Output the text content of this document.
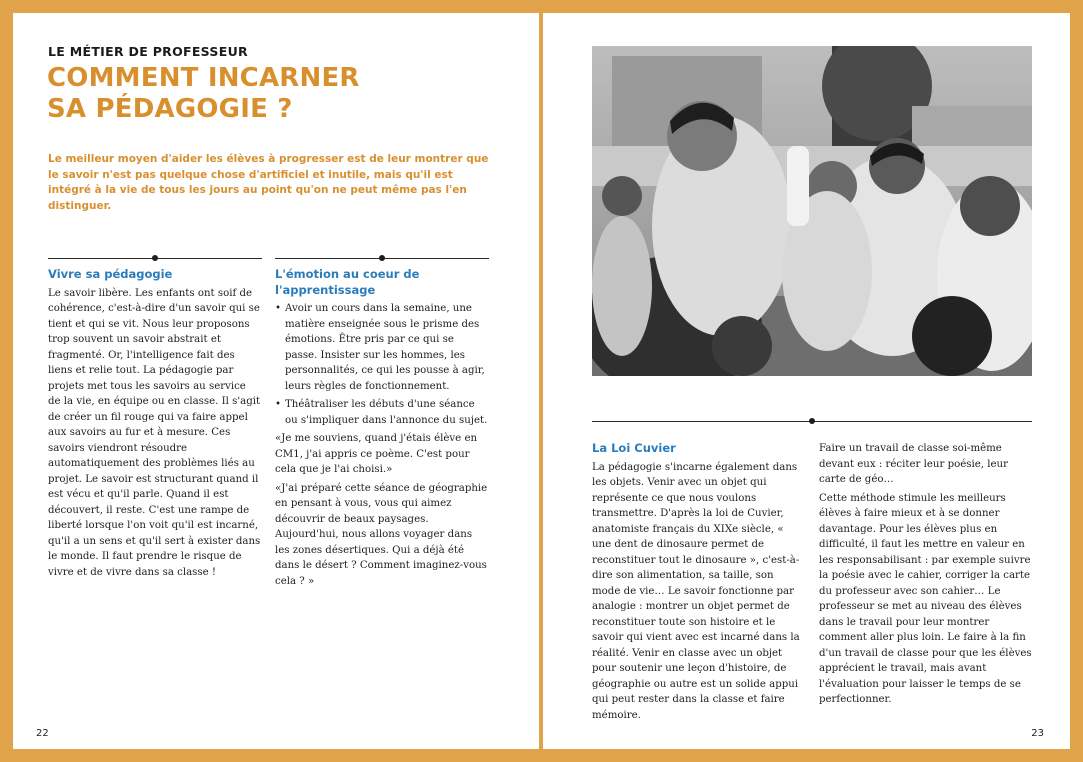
LE MÉTIER DE PROFESSEUR
COMMENT INCARNER
SA PÉDAGOGIE ?
Le meilleur moyen d'aider les élèves à progresser est de leur montrer que le savoir n'est pas quelque chose d'artificiel et inutile, mais qu'il est intégré à la vie de tous les jours au point qu'on ne peut même pas l'en distinguer.
Vivre sa pédagogie

Le savoir libère. Les enfants ont soif de cohérence, c'est-à-dire d'un savoir qui se tient et qui se vit. Nous leur proposons trop souvent un savoir abstrait et fragmenté. Or, l'intelligence fait des liens et relie tout. La pédagogie par projets met tous les savoirs au service de la vie, en équipe ou en classe. Il s'agit de créer un fil rouge qui va faire appel aux savoirs au fur et à mesure. Ces savoirs viendront résoudre automatiquement des problèmes liés au projet. Le savoir est structurant quand il est vécu et qu'il parle. Quand il est découvert, il reste. C'est une rampe de liberté lorsque l'on voit qu'il est incarné, qu'il a un sens et qu'il sert à exister dans le monde. Il faut prendre le risque de vivre et de vivre dans sa classe !

L'émotion au coeur de l'apprentissage
• Avoir un cours dans la semaine, une matière enseignée sous le prisme des émotions. Être pris par ce qui se passe. Insister sur les hommes, les personnalités, ce qui les pousse à agir, leurs règles de fonctionnement.
• Théâtraliser les débuts d'une séance ou s'impliquer dans l'annonce du sujet.

«Je me souviens, quand j'étais élève en CM1, j'ai appris ce poème. C'est pour cela que je l'ai choisi.»

«J'ai préparé cette séance de géographie en pensant à vous, vous qui aimez découvrir de beaux paysages. Aujourd'hui, nous allons voyager dans les zones désertiques. Qui a déjà été dans le désert ? Comment imaginez-vous cela ? »

22
La Loi Cuvier

La pédagogie s'incarne également dans les objets. Venir avec un objet qui représente ce que nous voulons transmettre. D'après la loi de Cuvier, anatomiste français du XIXe siècle, « une dent de dinosaure permet de reconstituer tout le dinosaure », c'est-à-dire son alimentation, sa taille, son mode de vie… Le savoir fonctionne par analogie : montrer un objet permet de reconstituer toute son histoire et le savoir qui vient avec est incarné dans la réalité. Venir en classe avec un objet pour soutenir une leçon d'histoire, de géographie ou autre est un solide appui qui peut rester dans la classe et faire mémoire.

Faire un travail de classe soi-même devant eux : réciter leur poésie, leur carte de géo…

Cette méthode stimule les meilleurs élèves à faire mieux et à se donner davantage. Pour les élèves plus en difficulté, il faut les mettre en valeur en les responsabilisant : par exemple suivre la poésie avec le cahier, corriger la carte du professeur avec son cahier… Le professeur se met au niveau des élèves dans le travail pour leur montrer comment aller plus loin. Le faire à la fin d'un travail de classe pour que les élèves apprécient le travail, mais avant l'évaluation pour laisser le temps de se perfectionner.

23
